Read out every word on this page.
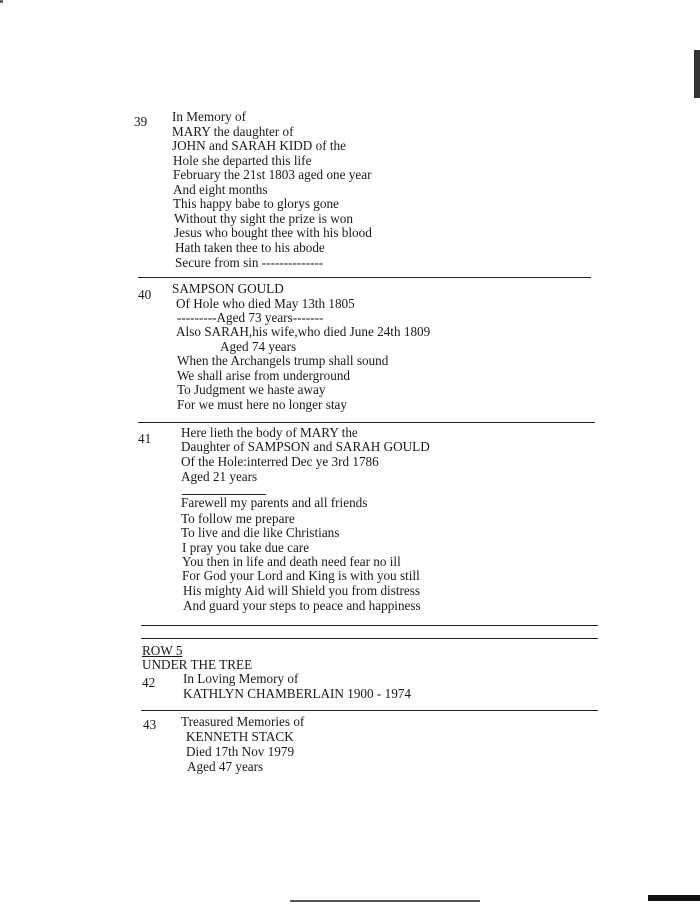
39 In Memory of
MARY the daughter of
JOHN and SARAH KIDD of the
Hole she departed this life
February the 21st 1803 aged one year
And eight months
This happy babe to glorys gone
Without thy sight the prize is won
Jesus who bought thee with his blood
Hath taken thee to his abode
Secure from sin --------------
40 SAMPSON GOULD
Of Hole who died May 13th 1805
---------Aged 73 years-------
Also SARAH,his wife,who died June 24th 1809
Aged 74 years
When the Archangels trump shall sound
We shall arise from underground
To Judgment we haste away
For we must here no longer stay
41 Here lieth the body of MARY the
Daughter of SAMPSON and SARAH GOULD
Of the Hole:interred Dec ye 3rd 1786
Aged 21 years
Farewell my parents and all friends
To follow me prepare
To live and die like Christians
I pray you take due care
You then in life and death need fear no ill
For God your Lord and King is with you still
His mighty Aid will Shield you from distress
And guard your steps to peace and happiness
ROW 5
UNDER THE TREE
42 In Loving Memory of
KATHLYN CHAMBERLAIN 1900 - 1974
43 Treasured Memories of
KENNETH STACK
Died 17th Nov 1979
Aged 47 years
